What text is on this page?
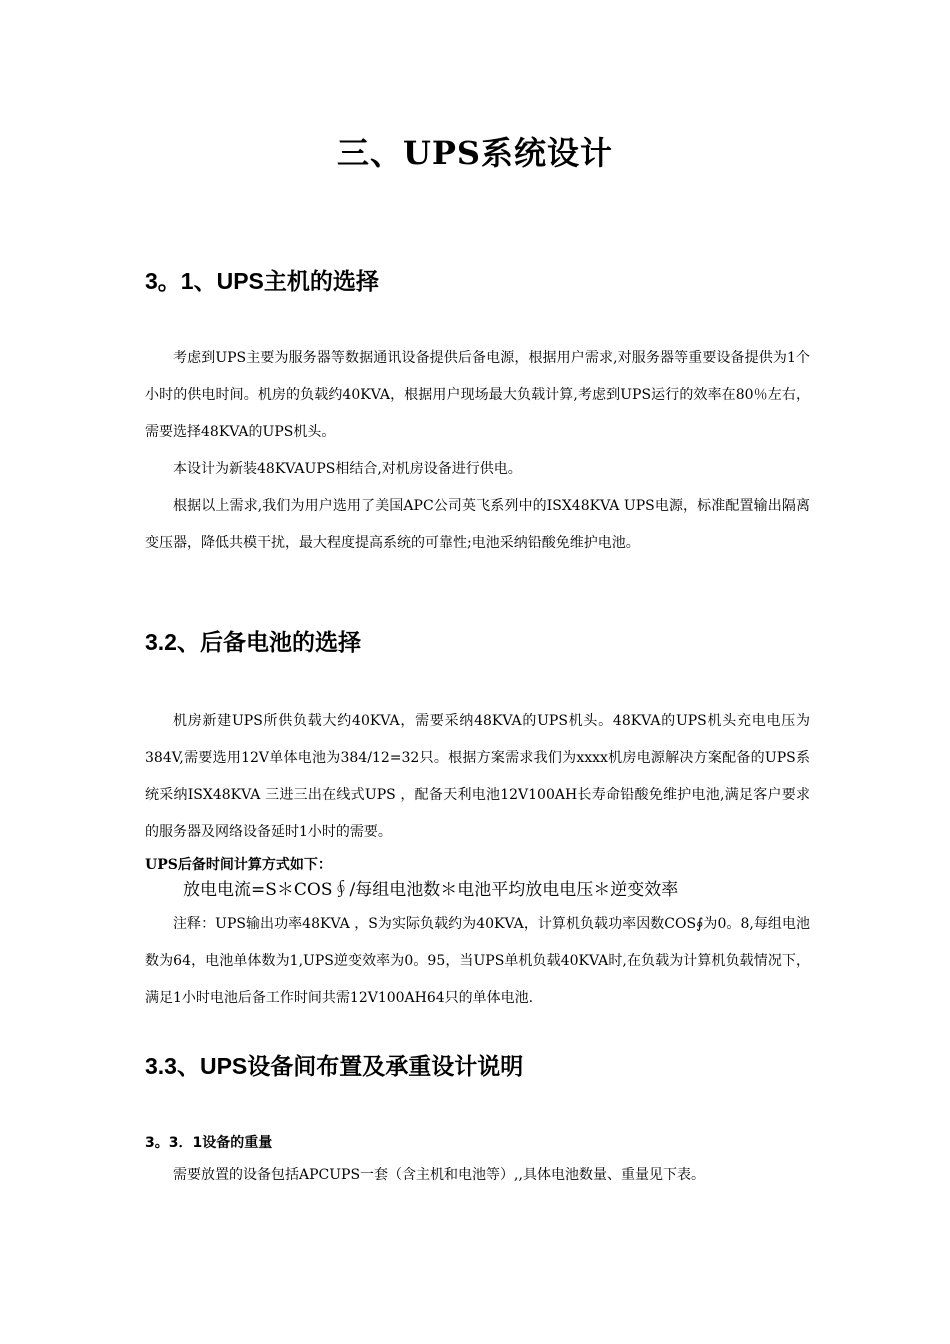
三、UPS系统设计
3。1、UPS主机的选择

考虑到UPS主要为服务器等数据通讯设备提供后备电源，根据用户需求,对服务器等重要设备提供为1个小时的供电时间。机房的负载约40KVA，根据用户现场最大负载计算,考虑到UPS运行的效率在80％左右，需要选择48KVA的UPS机头。

本设计为新装48KVAUPS相结合,对机房设备进行供电。

根据以上需求,我们为用户选用了美国APC公司英飞系列中的ISX48KVA UPS电源，标准配置输出隔离变压器，降低共模干扰，最大程度提高系统的可靠性;电池采纳铅酸免维护电池。

3.2、后备电池的选择

机房新建UPS所供负载大约40KVA，需要采纳48KVA的UPS机头。48KVA的UPS机头充电电压为384V,需要选用12V单体电池为384/12=32只。根据方案需求我们为xxxx机房电源解决方案配备的UPS系统采纳ISX48KVA 三进三出在线式UPS ，配备天利电池12V100AH长寿命铅酸免维护电池,满足客户要求的服务器及网络设备延时1小时的需要。

UPS后备时间计算方式如下：
放电电流=S＊COS∮/每组电池数＊电池平均放电电压＊逆变效率

注释：UPS输出功率48KVA ，S为实际负载约为40KVA，计算机负载功率因数COS∮为0。8,每组电池数为64，电池单体数为1,UPS逆变效率为0。95，当UPS单机负载40KVA时,在负载为计算机负载情况下，满足1小时电池后备工作时间共需12V100AH64只的单体电池.

3.3、UPS设备间布置及承重设计说明
3。3．1设备的重量

需要放置的设备包括APCUPS一套（含主机和电池等）,,具体电池数量、重量见下表。
